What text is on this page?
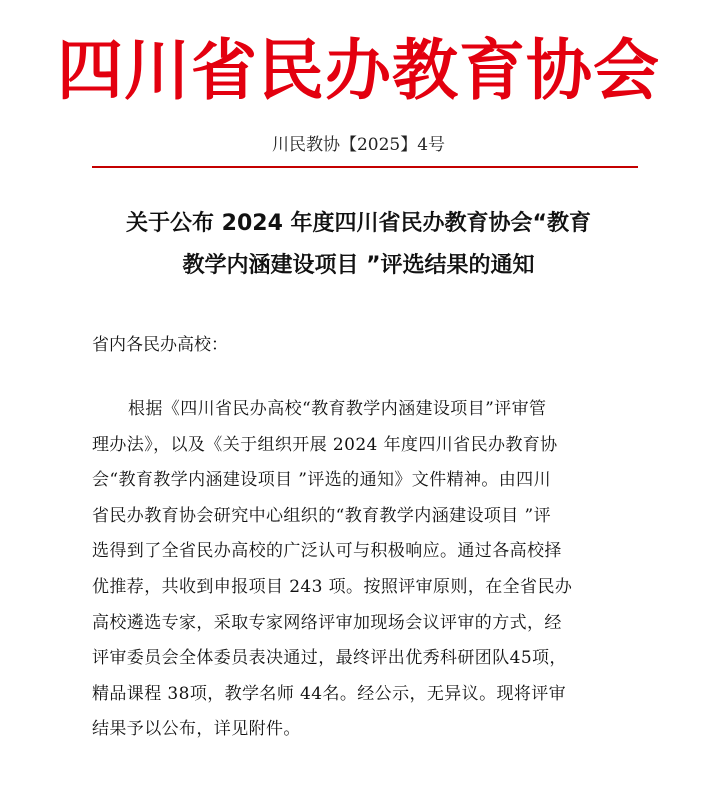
四川省民办教育协会
川民教协【2025】4号
关于公布 2024 年度四川省民办教育协会“教育
教学内涵建设项目 ”评选结果的通知
省内各民办高校：
根据《四川省民办高校“教育教学内涵建设项目”评审管
理办法》，以及《关于组织开展 2024 年度四川省民办教育协
会“教育教学内涵建设项目 ”评选的通知》文件精神。由四川
省民办教育协会研究中心组织的“教育教学内涵建设项目 ”评
选得到了全省民办高校的广泛认可与积极响应。通过各高校择
优推荐，共收到申报项目 243 项。按照评审原则，在全省民办
高校遴选专家，采取专家网络评审加现场会议评审的方式，经
评审委员会全体委员表决通过，最终评出优秀科研团队45项，
精品课程 38项，教学名师 44名。经公示，无异议。现将评审
结果予以公布，详见附件。
